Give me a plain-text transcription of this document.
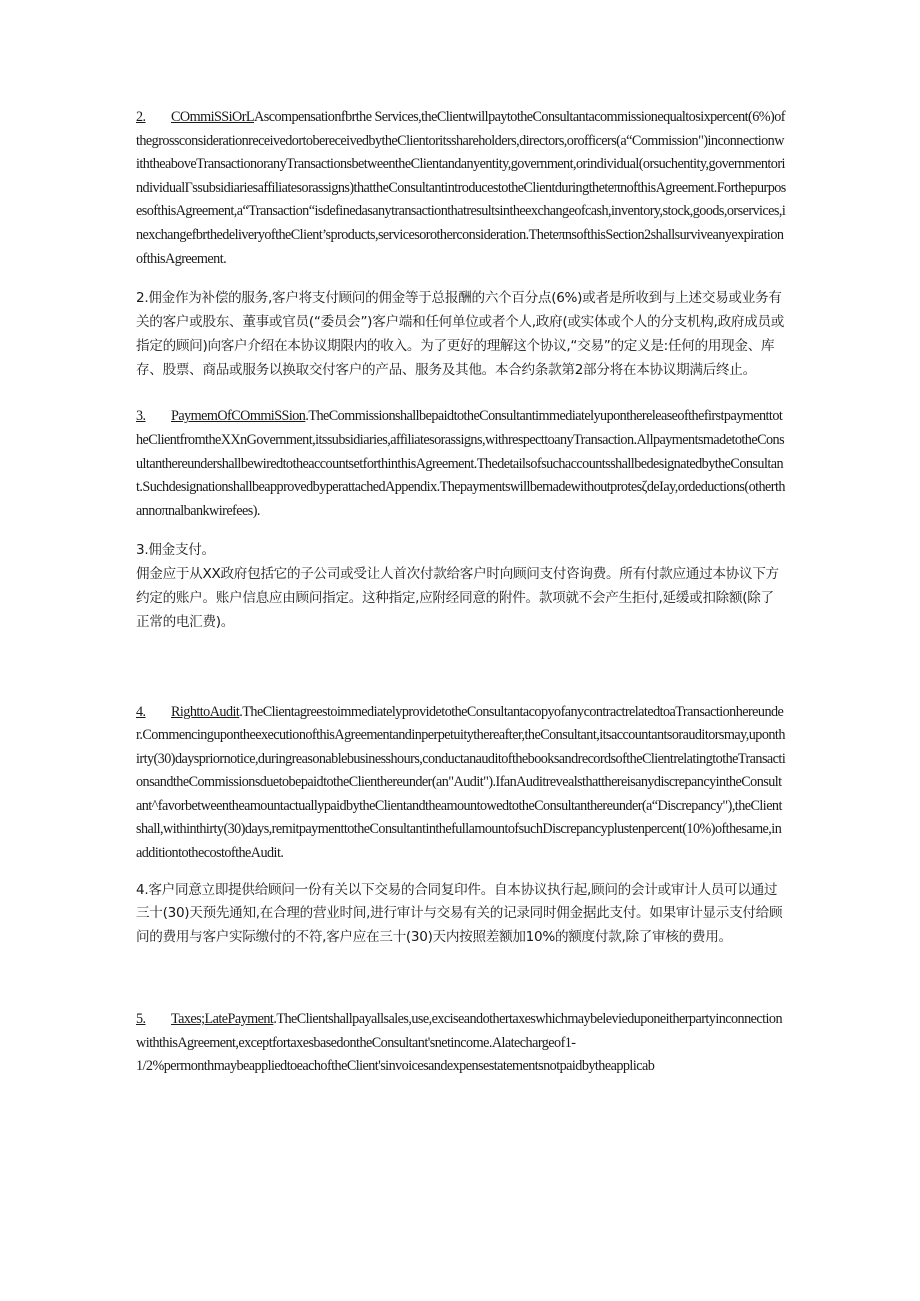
2. COmmiSSiOrLAscompensationfbrthe Services,theClientwillpaytotheConsultantacommissionequaltosixpercent(6%)ofthegrossconsiderationreceivedortobereceivedbytheClientoritsshareholders,directors,orofficers(a“Commission")inconnectionwiththeaboveTransactionoranyTransactionsbetweentheClientandanyentity,government,orindividual(orsuchentity,governmentorindividualΓssubsidiariesaffiliatesorassigns)thattheConsultantintroducestotheClientduringtheteπnofthisAgreement.ForthepurposesofthisAgreement,a“Transaction“isdefinedasanytransactionthatresultsintheexchangeofcash,inventory,stock,goods,orservices,inexchangefbrthedeliveryoftheClient’sproducts,servicesorotherconsideration.TheteπnsofthisSection2shallsurviveanyexpirationofthisAgreement.

2.佣金作为补偿的服务,客户将支付顾问的佣金等于总报酬的六个百分点(6%)或者是所收到与上述交易或业务有关的客户或股东、董事或官员(“委员会”)客户端和任何单位或者个人,政府(或实体或个人的分支机构,政府成员或指定的顾问)向客户介绍在本协议期限内的收入。为了更好的理解这个协议,“交易”的定义是:任何的用现金、库存、股票、商品或服务以换取交付客户的产品、服务及其他。本合约条款第2部分将在本协议期满后终止。

3. PaymemOfCOmmiSSion.TheCommissionshallbepaidtotheConsultantimmediatelyuponthereleaseofthefirstpaymenttotheClientfromtheXXnGovernment,itssubsidiaries,affiliatesorassigns,withrespecttoanyTransaction.AllpaymentsmadetotheConsultanthereundershallbewiredtotheaccountsetforthinthisAgreement.ThedetailsofsuchaccountsshallbedesignatedbytheConsultant.SuchdesignationshallbeapprovedbyperattachedAppendix.ThepaymentswillbemadewithoutprotesζdeIay,ordeductions(otherthannoπnalbankwirefees).

3.佣金支付。

佣金应于从XX政府包括它的子公司或受让人首次付款给客户时向顾问支付咨询费。所有付款应通过本协议下方约定的账户。账户信息应由顾问指定。这种指定,应附经同意的附件。款项就不会产生拒付,延缓或扣除额(除了正常的电汇费)。

4. RighttoAudit.TheClientagreestoimmediatelyprovidetotheConsultantacopyofanycontractrelatedtoaTransactionhereunder.CommencingupontheexecutionofthisAgreementandinperpetuitythereafter,theConsultant,itsaccountantsorauditorsmay,uponthirty(30)dayspriornotice,duringreasonablebusinesshours,conductanauditofthebooksandrecordsoftheClientrelatingtotheTransactionsandtheCommissionsduetobepaidtotheClienthereunder(an"Audit").IfanAuditrevealsthatthereisanydiscrepancyintheConsultant^favorbetweentheamountactuallypaidbytheClientandtheamountowedtotheConsultanthereunder(a“Discrepancy"),theClientshall,withinthirty(30)days,remitpaymenttotheConsultantinthefullamountofsuchDiscrepancyplustenpercent(10%)ofthesame,inadditiontothecostoftheAudit.

4.客户同意立即提供给顾问一份有关以下交易的合同复印件。自本协议执行起,顾问的会计或审计人员可以通过三十(30)天预先通知,在合理的营业时间,进行审计与交易有关的记录同时佣金据此支付。如果审计显示支付给顾问的费用与客户实际缴付的不符,客户应在三十(30)天内按照差额加10%的额度付款,除了审核的费用。

5. Taxes;LatePayment.TheClientshallpayallsales,use,exciseandothertaxeswhichmaybelevieduponeitherpartyinconnectionwiththisAgreement,exceptfortaxesbasedontheConsultant'snetincome.Alatechargeof1-

1/2%permonthmaybeappliedtoeachoftheClient'sinvoicesandexpensestatementsnotpaidbytheapplicab
